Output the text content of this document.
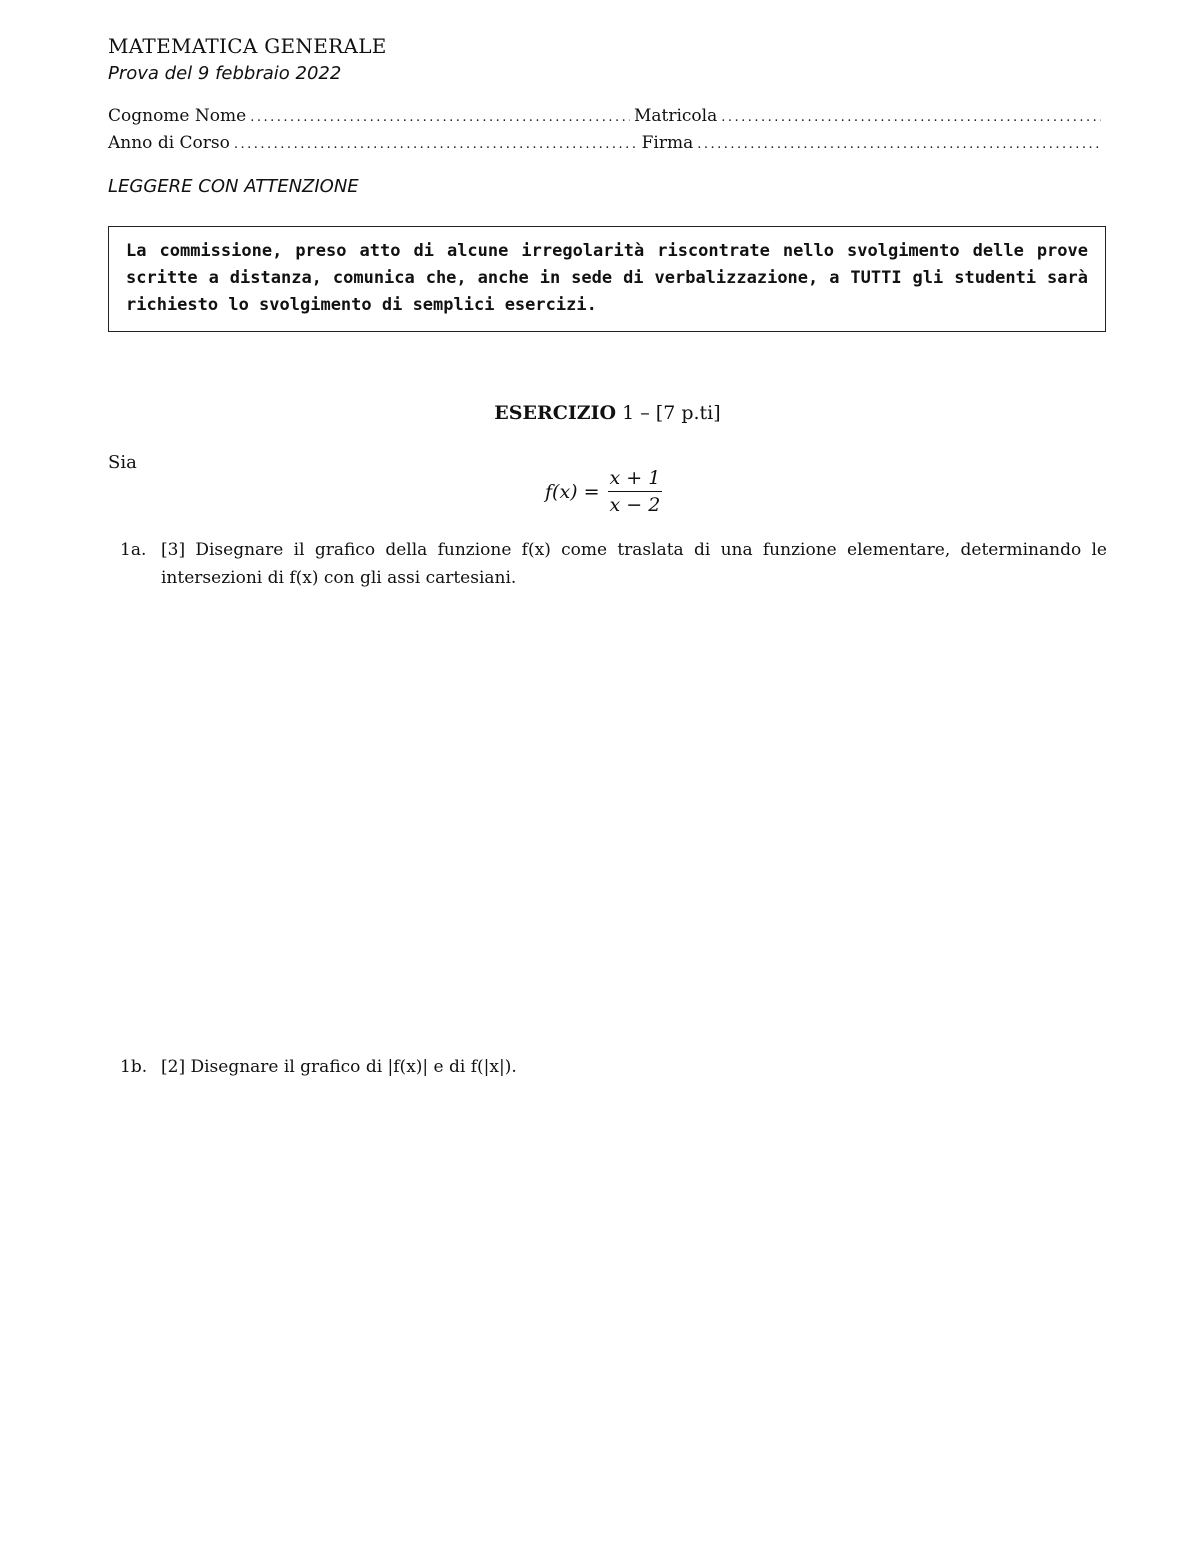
MATEMATICA GENERALE
Prova del 9 febbraio 2022
Cognome Nome .....	Matricola
.....
Anno di Corso .....	Firma
.....
LEGGERE CON ATTENZIONE
La commissione, preso atto di alcune irregolarità riscontrate nello svolgimento delle prove scritte a distanza, comunica che, anche in sede di verbalizzazione, a TUTTI gli studenti sarà richiesto lo svolgimento di semplici esercizi.
ESERCIZIO 1 – [7 p.ti]
Sia
$f(x) = \frac{x + 1}{x - 2}$
1a. [3] Disegnare il grafico della funzione f(x) come traslata di una funzione elementare, determinando le intersezioni di f(x) con gli assi cartesiani.
1b. [2] Disegnare il grafico di |f(x)| e di f(|x|).
